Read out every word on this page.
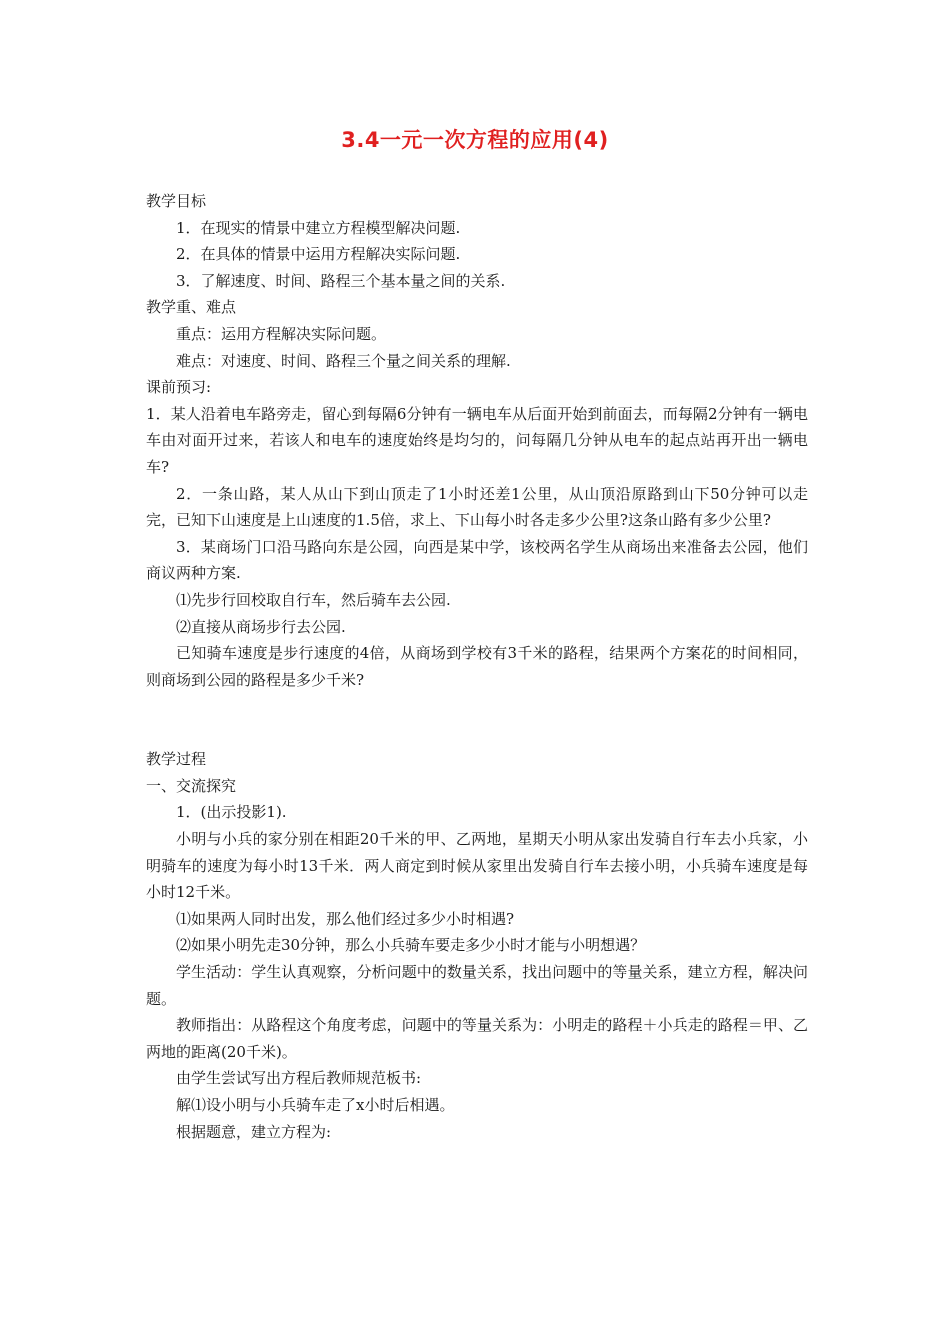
3.4一元一次方程的应用(4)

教学目标

1．在现实的情景中建立方程模型解决问题.

2．在具体的情景中运用方程解决实际问题.

3．了解速度、时间、路程三个基本量之间的关系.

教学重、难点

重点：运用方程解决实际问题。

难点：对速度、时间、路程三个量之间关系的理解.

课前预习:

1．某人沿着电车路旁走，留心到每隔6分钟有一辆电车从后面开始到前面去，而每隔2分钟有一辆电车由对面开过来，若该人和电车的速度始终是均匀的，问每隔几分钟从电车的起点站再开出一辆电车?

2．一条山路，某人从山下到山顶走了1小时还差1公里，从山顶沿原路到山下50分钟可以走完，已知下山速度是上山速度的1.5倍，求上、下山每小时各走多少公里?这条山路有多少公里?

3．某商场门口沿马路向东是公园，向西是某中学，该校两名学生从商场出来准备去公园，他们商议两种方案.

⑴先步行回校取自行车，然后骑车去公园.

⑵直接从商场步行去公园.

已知骑车速度是步行速度的4倍，从商场到学校有3千米的路程，结果两个方案花的时间相同，则商场到公园的路程是多少千米?

教学过程

一、交流探究

1．(出示投影1).

小明与小兵的家分别在相距20千米的甲、乙两地，星期天小明从家出发骑自行车去小兵家，小明骑车的速度为每小时13千米．两人商定到时候从家里出发骑自行车去接小明，小兵骑车速度是每小时12千米。

⑴如果两人同时出发，那么他们经过多少小时相遇?

⑵如果小明先走30分钟，那么小兵骑车要走多少小时才能与小明想遇？

学生活动：学生认真观察，分析问题中的数量关系，找出问题中的等量关系，建立方程，解决问题。

教师指出：从路程这个角度考虑，问题中的等量关系为：小明走的路程＋小兵走的路程＝甲、乙两地的距离(20千米)。

由学生尝试写出方程后教师规范板书:

解⑴设小明与小兵骑车走了x小时后相遇。

根据题意，建立方程为:
